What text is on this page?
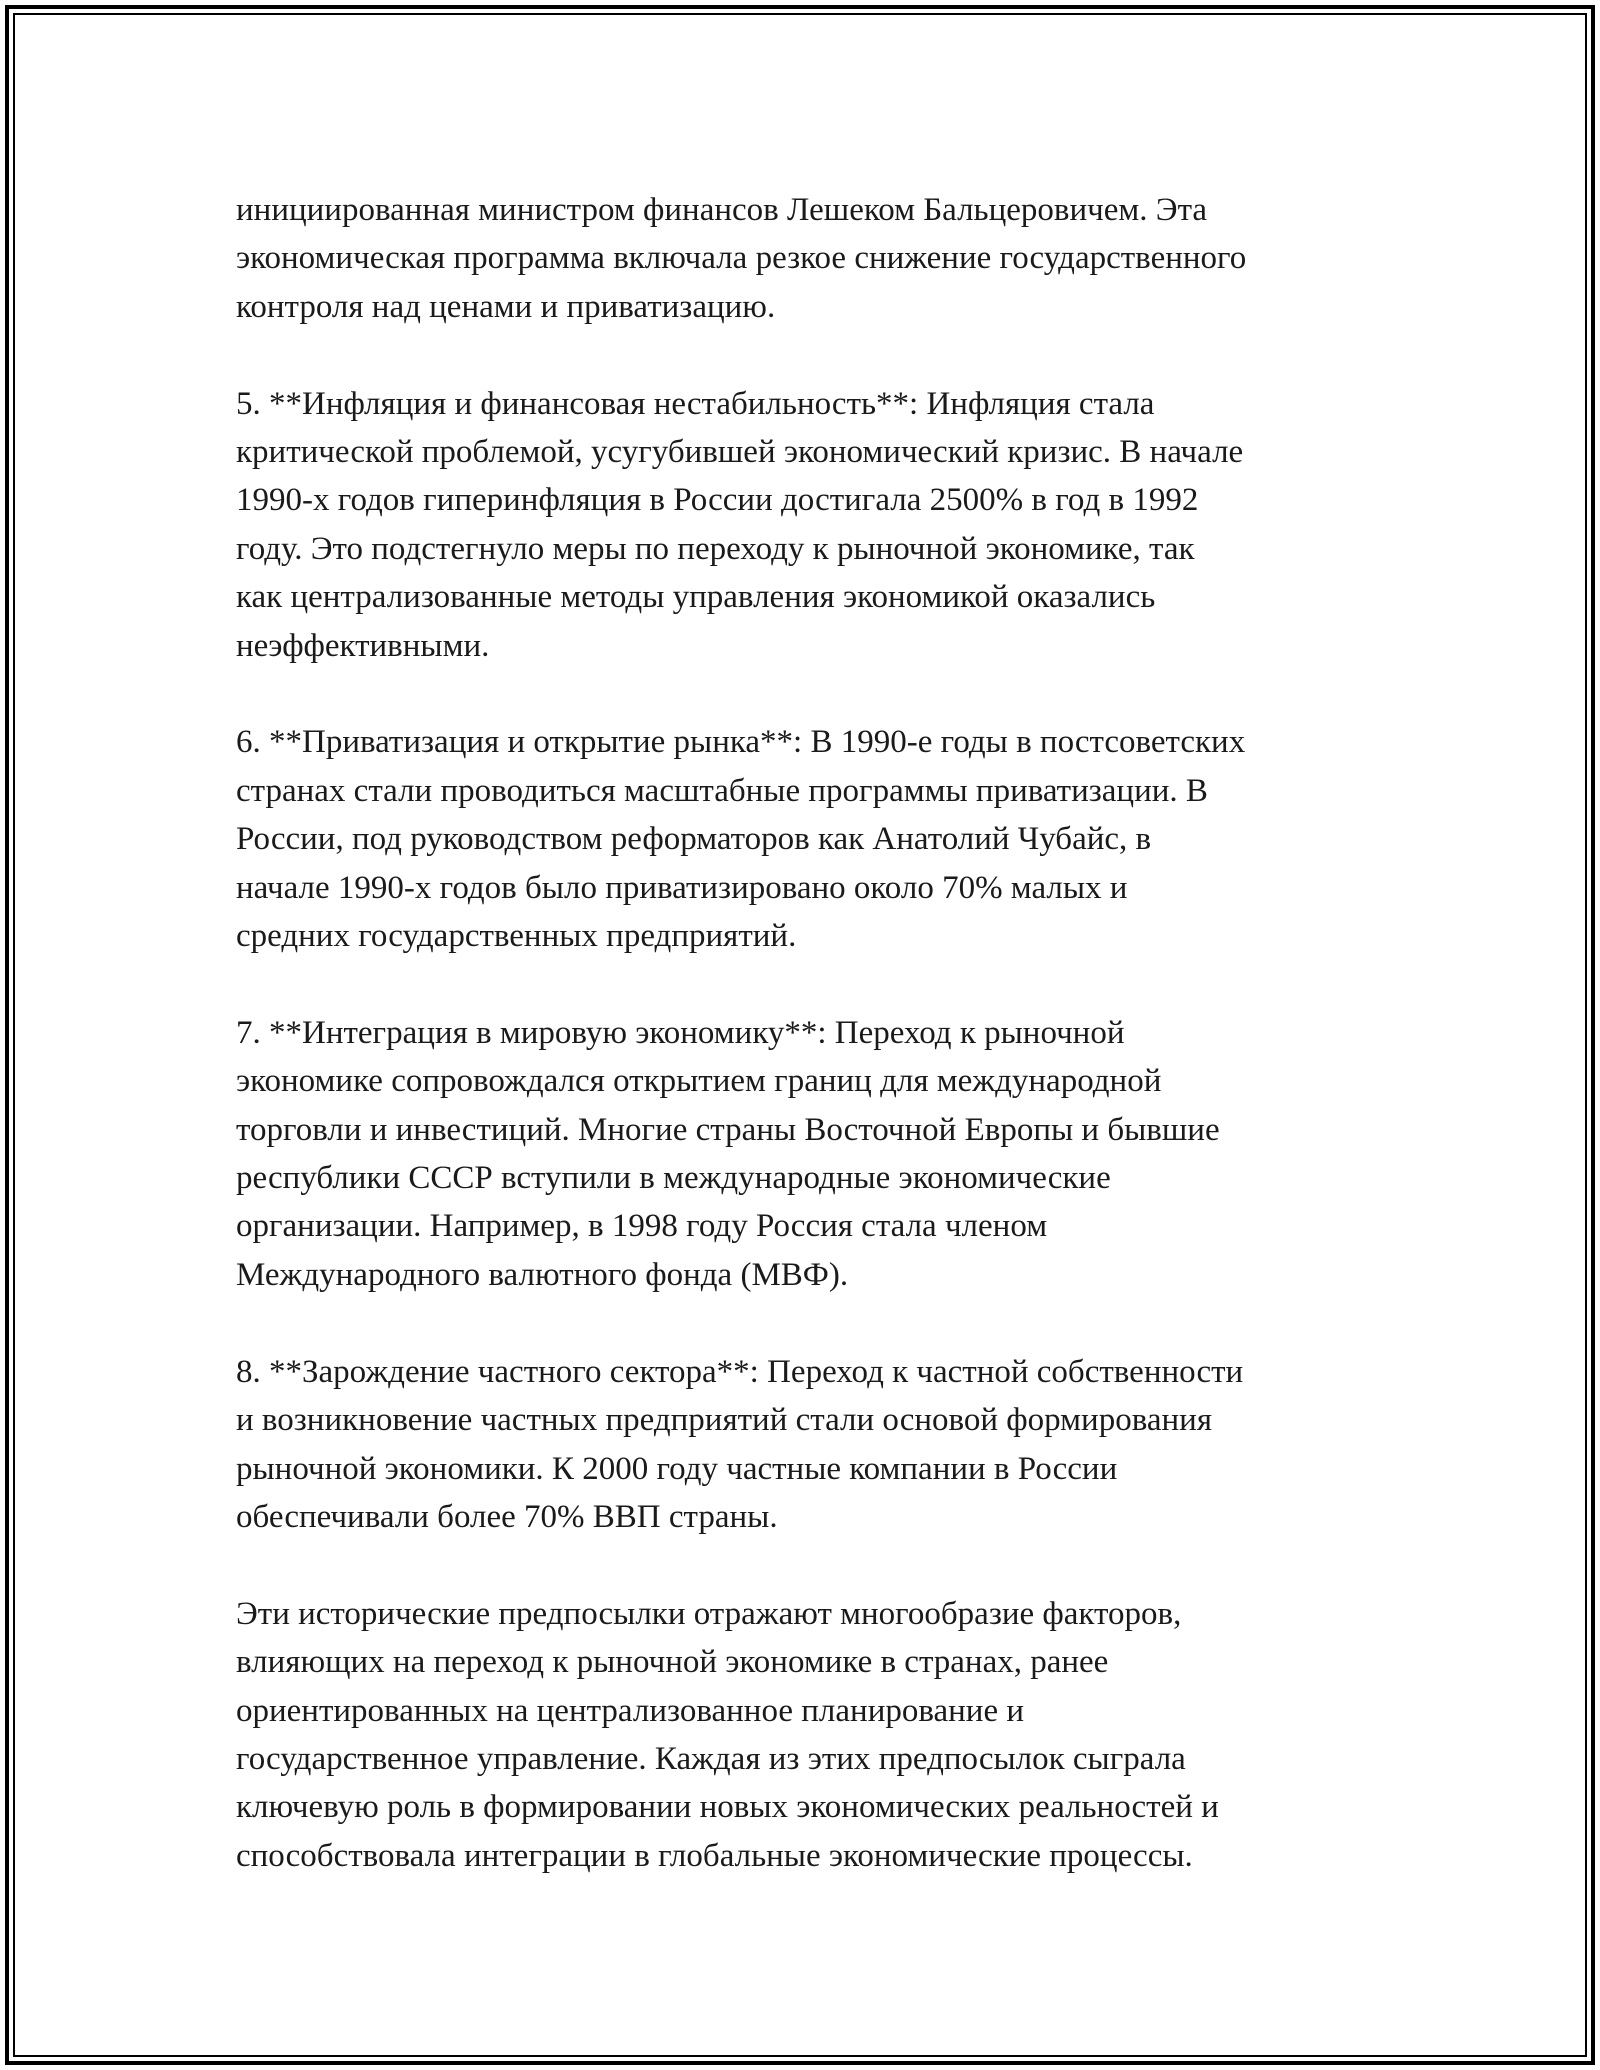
инициированная министром финансов Лешеком Бальцеровичем. Эта
экономическая программа включала резкое снижение государственного
контроля над ценами и приватизацию.

5. **Инфляция и финансовая нестабильность**: Инфляция стала
критической проблемой, усугубившей экономический кризис. В начале
1990-х годов гиперинфляция в России достигала 2500% в год в 1992
году. Это подстегнуло меры по переходу к рыночной экономике, так
как централизованные методы управления экономикой оказались
неэффективными.

6. **Приватизация и открытие рынка**: В 1990-е годы в постсоветских
странах стали проводиться масштабные программы приватизации. В
России, под руководством реформаторов как Анатолий Чубайс, в
начале 1990-х годов было приватизировано около 70% малых и
средних государственных предприятий.

7. **Интеграция в мировую экономику**: Переход к рыночной
экономике сопровождался открытием границ для международной
торговли и инвестиций. Многие страны Восточной Европы и бывшие
республики СССР вступили в международные экономические
организации. Например, в 1998 году Россия стала членом
Международного валютного фонда (МВФ).

8. **Зарождение частного сектора**: Переход к частной собственности
и возникновение частных предприятий стали основой формирования
рыночной экономики. К 2000 году частные компании в России
обеспечивали более 70% ВВП страны.

Эти исторические предпосылки отражают многообразие факторов,
влияющих на переход к рыночной экономике в странах, ранее
ориентированных на централизованное планирование и
государственное управление. Каждая из этих предпосылок сыграла
ключевую роль в формировании новых экономических реальностей и
способствовала интеграции в глобальные экономические процессы.
